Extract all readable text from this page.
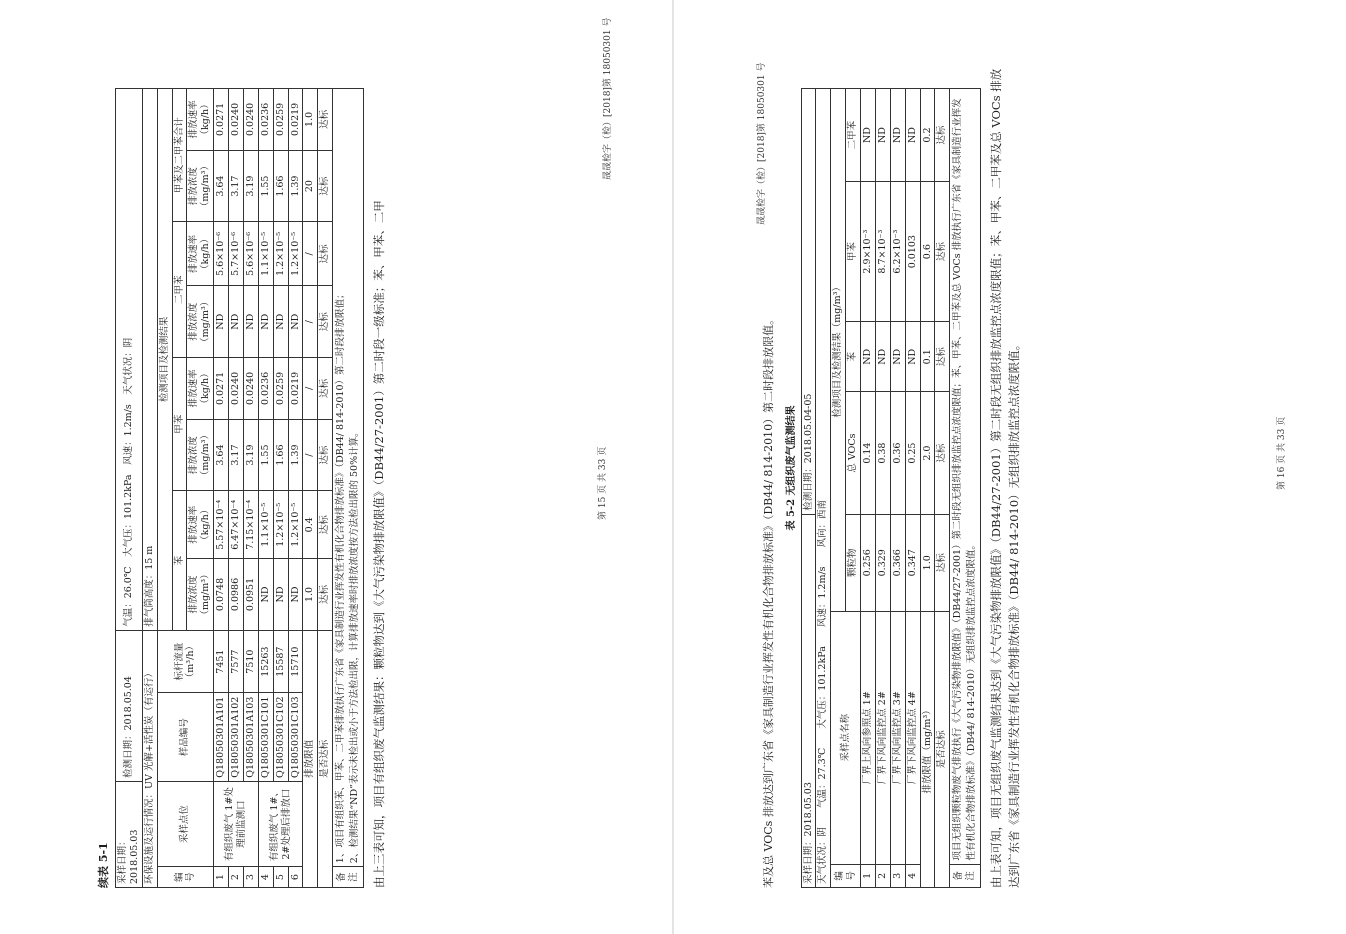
晟晟检字（检）[2018]第 18050301 号
第 15 页 共 33 页
续表 5-1 采样日期：2018.05.03		检测日期：2018.05.04		气温：26.0℃　大气压：101.2kPa　风速：1.2m/s　天气状况：阴							
环保设施及运行情况：UV 光解+活性炭（有运行）				排气筒高度：15 m							
编号	采样点位	样品编号	标杆流量（m³/h）	检测项目及检测结果							
				苯		甲苯		二甲苯		甲苯及二甲苯合计	
				排放浓度（mg/m³）	排放速率（kg/h）	排放浓度（mg/m³）	排放速率（kg/h）	排放浓度（mg/m³）	排放速率（kg/h）	排放浓度（mg/m³）	排放速率（kg/h）
1	有组织废气 1#处理前监测口	Q18050301A101	7451	0.0748	5.57×10⁻⁴	3.64	0.0271	ND	5.6×10⁻⁶	3.64	0.0271
2		Q18050301A102	7577	0.0986	6.47×10⁻⁴	3.17	0.0240	ND	5.7×10⁻⁶	3.17	0.0240
3		Q18050301A103	7510	0.0951	7.15×10⁻⁴	3.19	0.0240	ND	5.6×10⁻⁶	3.19	0.0240
4	有组织废气 1#、2#处理后排放口	Q18050301C101	15263	ND	1.1×10⁻⁵	1.55	0.0236	ND	1.1×10⁻⁵	1.55	0.0236
5		Q18050301C102	15587	ND	1.2×10⁻⁵	1.66	0.0259	ND	1.2×10⁻⁵	1.66	0.0259
6		Q18050301C103	15710	ND	1.2×10⁻⁵	1.39	0.0219	ND	1.2×10⁻⁵	1.39	0.0219
排放限值				1.0	0.4	/	/	/	/	20	1.0
是否达标				达标	达标	达标	达标	达标	达标	达标	达标
备注	1、项目有组织苯、甲苯、二甲苯排放执行广东省《家具制造行业挥发性有机化合物排放标准》（DB44/ 814-2010）第二时段排放限值； 2、检测结果“ND”表示未检出或小于方法检出限，计算排放速率时排放浓度按方法检出限的 50%计算。										由上三表可知，项目有组织废气监测结果：颗粒物达到《大气污染物排放限值》（DB44/27-2001）第二时段一级标准；苯、甲苯、二甲
晟晟检字（检）[2018]第 18050301 号
第 16 页 共 33 页
苯及总 VOCs 排放达到广东省《家具制造行业挥发性有机化合物排放标准》（DB44/ 814-2010）第二时段排放限值。	表 5-2 无组织废气监测结果
采样日期：2018.05.03			检测日期：2018.05.04-05			
天气状况：阴　　气温：27.3℃　　大气压：101.2kPa　　风速：1.2m/s　　风向：西南						
编号	采样点名称	检测项目及检测结果（mg/m³）				
		颗粒物	总 VOCs	苯	甲苯	二甲苯
1	厂界上风向参照点 1#	0.256	0.14	ND	2.9×10⁻³	ND
2	厂界下风向监控点 2#	0.329	0.38	ND	8.7×10⁻³	ND
3	厂界下风向监控点 3#	0.366	0.36	ND	6.2×10⁻³	ND
4	厂界下风向监控点 4#	0.347	0.25	ND	0.0103	ND
排放限值（mg/m³）		1.0	2.0	0.1	0.6	0.2
是否达标		达标	达标	达标	达标	达标
备注	项目无组织颗粒物废气排放执行《大气污染物排放限值》（DB44/27-2001）第二时段无组织排放监控点浓度限值；苯、甲苯、二甲苯及总 VOCs 排放执行广东省《家具制造行业挥发性有机化合物排放标准》（DB44/ 814-2010）无组织排放监控点浓度限值。					由上表可知，项目无组织废气监测结果达到《大气污染物排放限值》（DB44/27-2001）第二时段无组织排放监控点浓度限值；苯、甲苯、二甲苯及总 VOCs 排放达到广东省《家具制造行业挥发性有机化合物排放标准》（DB44/ 814-2010）无组织排放监控点浓度限值。
